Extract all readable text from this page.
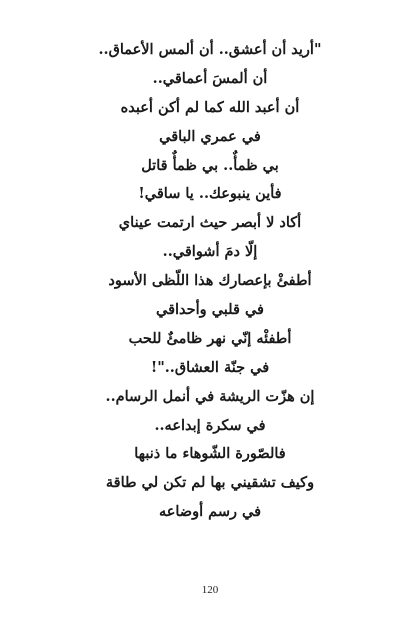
"أريد أن أعشق.. أن ألمس الأعماق..
أن ألمسَ أعماقي..
أن أعبد الله كما لم أكن أعبده
في عمري الباقي
بي ظمأٌ.. بي ظمأٌ قاتل
فأين ينبوعك.. يا ساقي!
أكاد لا أبصر حيث ارتمت عيناي
إلّا دمَ أشواقي..
أطفئْ بإعصارك هذا اللّظى الأسود
في قلبي وأحداقي
أطفئْه إنّي نهر ظامئٌ للحب
في جنّة العشاق.."!
إن هزّت الريشة في أنمل الرسام..
في سكرة إبداعه..
فالصّورة الشّوهاء ما ذنبها
وكيف تشقيني بها لم تكن لي طاقة
في رسم أوضاعه
120
